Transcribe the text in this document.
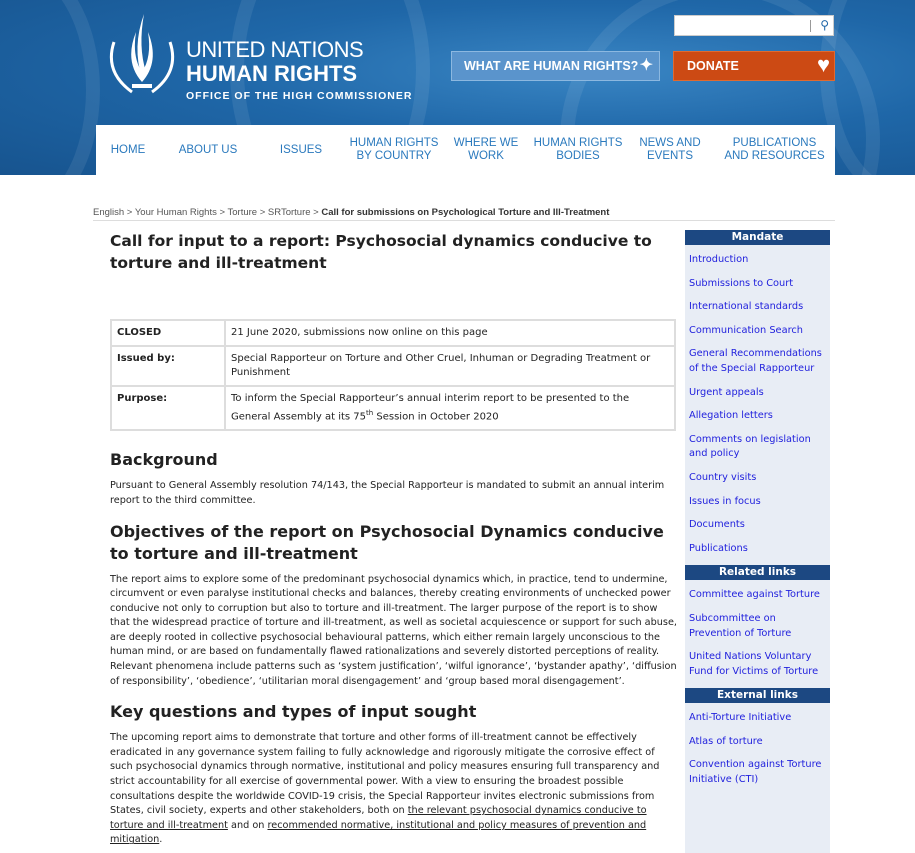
UNITED NATIONS
HUMAN RIGHTS
OFFICE OF THE HIGH COMMISSIONER
⚲
WHAT ARE HUMAN RIGHTS? ✦	DONATE	♥
HOME	ABOUT US	ISSUES
HUMAN RIGHTS BY COUNTRY
WHERE WE WORK
HUMAN RIGHTS BODIES
NEWS AND EVENTS
PUBLICATIONS AND RESOURCES
English > Your Human Rights > Torture > SRTorture > Call for submissions on Psychological Torture and Ill-Treatment
Call for input to a report: Psychosocial dynamics conducive to torture and ill-treatment
CLOSED	21 June 2020, submissions now online on this page
Issued by:	Special Rapporteur on Torture and Other Cruel, Inhuman or Degrading Treatment or Punishment
Purpose:	To inform the Special Rapporteur’s annual interim report to be presented to the General Assembly at its 75th Session in October 2020
Background

Pursuant to General Assembly resolution 74/143, the Special Rapporteur is mandated to submit an annual interim report to the third committee.

Objectives of the report on Psychosocial Dynamics conducive to torture and ill-treatment

The report aims to explore some of the predominant psychosocial dynamics which, in practice, tend to undermine, circumvent or even paralyse institutional checks and balances, thereby creating environments of unchecked power conducive not only to corruption but also to torture and ill-treatment. The larger purpose of the report is to show that the widespread practice of torture and ill-treatment, as well as societal acquiescence or support for such abuse, are deeply rooted in collective psychosocial behavioural patterns, which either remain largely unconscious to the human mind, or are based on fundamentally flawed rationalizations and severely distorted perceptions of reality. Relevant phenomena include patterns such as ‘system justification’, ‘wilful ignorance’, ‘bystander apathy’, ‘diffusion of responsibility’, ‘obedience’, ‘utilitarian moral disengagement’ and ‘group based moral disengagement’.

Key questions and types of input sought

The upcoming report aims to demonstrate that torture and other forms of ill-treatment cannot be effectively eradicated in any governance system failing to fully acknowledge and rigorously mitigate the corrosive effect of such psychosocial dynamics through normative, institutional and policy measures ensuring full transparency and strict accountability for all exercise of governmental power. With a view to ensuring the broadest possible consultations despite the worldwide COVID-19 crisis, the Special Rapporteur invites electronic submissions from States, civil society, experts and other stakeholders, both on the relevant psychosocial dynamics conducive to torture and ill-treatment and on recommended normative, institutional and policy measures of prevention and mitigation.

Mandate
Introduction
Submissions to Court
International standards
Communication Search
General Recommendations of the Special Rapporteur
Urgent appeals
Allegation letters
Comments on legislation and policy
Country visits
Issues in focus
Documents
Publications
Related links
Committee against Torture
Subcommittee on Prevention of Torture
United Nations Voluntary Fund for Victims of Torture
External links
Anti-Torture Initiative
Atlas of torture
Convention against Torture Initiative (CTI)
